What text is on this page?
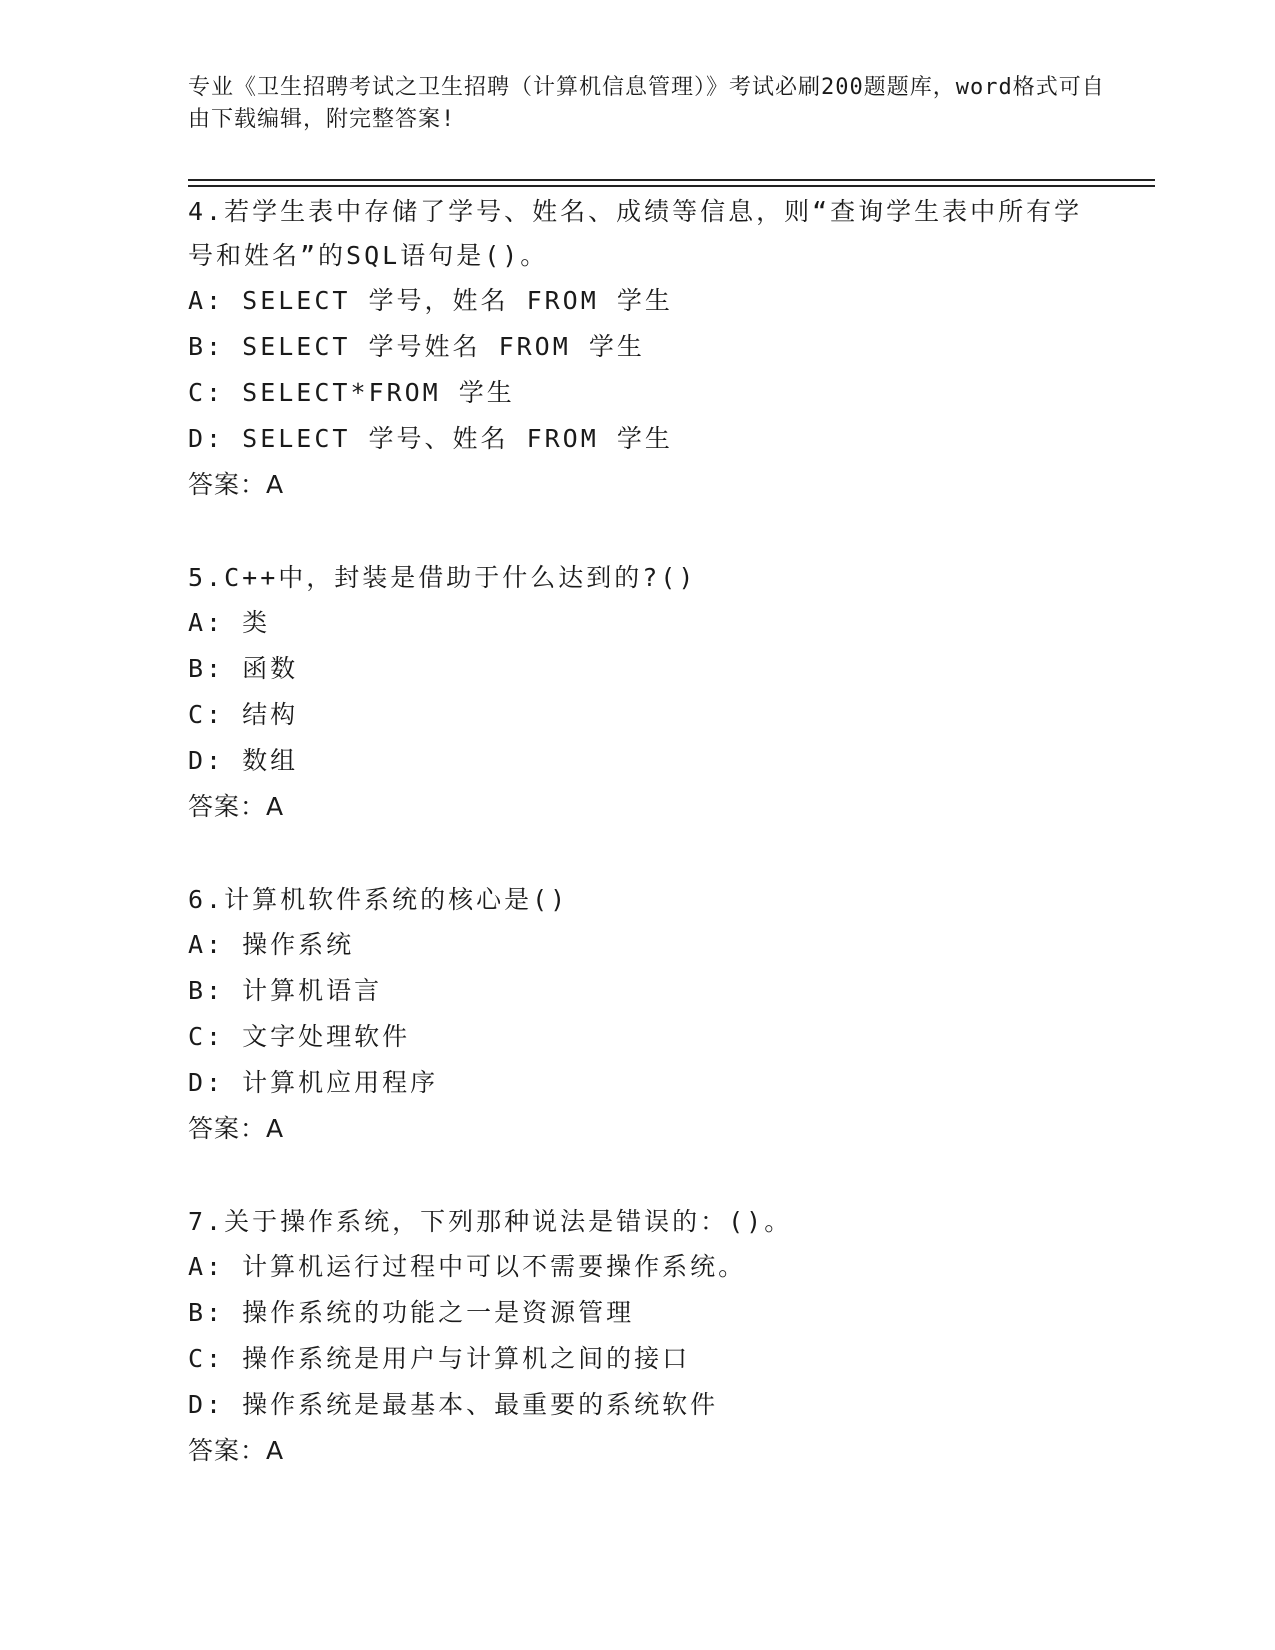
专业《卫生招聘考试之卫生招聘（计算机信息管理）》考试必刷200题题库，word格式可自由下载编辑，附完整答案!

4.若学生表中存储了学号、姓名、成绩等信息，则“查询学生表中所有学号和姓名”的SQL语句是()。

A: SELECT 学号，姓名 FROM 学生

B: SELECT 学号姓名 FROM 学生

C: SELECT*FROM 学生

D: SELECT 学号、姓名 FROM 学生

答案：A

5.C++中，封装是借助于什么达到的?()

A: 类

B: 函数

C: 结构

D: 数组

答案：A

6.计算机软件系统的核心是()

A: 操作系统

B: 计算机语言

C: 文字处理软件

D: 计算机应用程序

答案：A

7.关于操作系统，下列那种说法是错误的：()。

A: 计算机运行过程中可以不需要操作系统。

B: 操作系统的功能之一是资源管理

C: 操作系统是用户与计算机之间的接口

D: 操作系统是最基本、最重要的系统软件

答案：A
